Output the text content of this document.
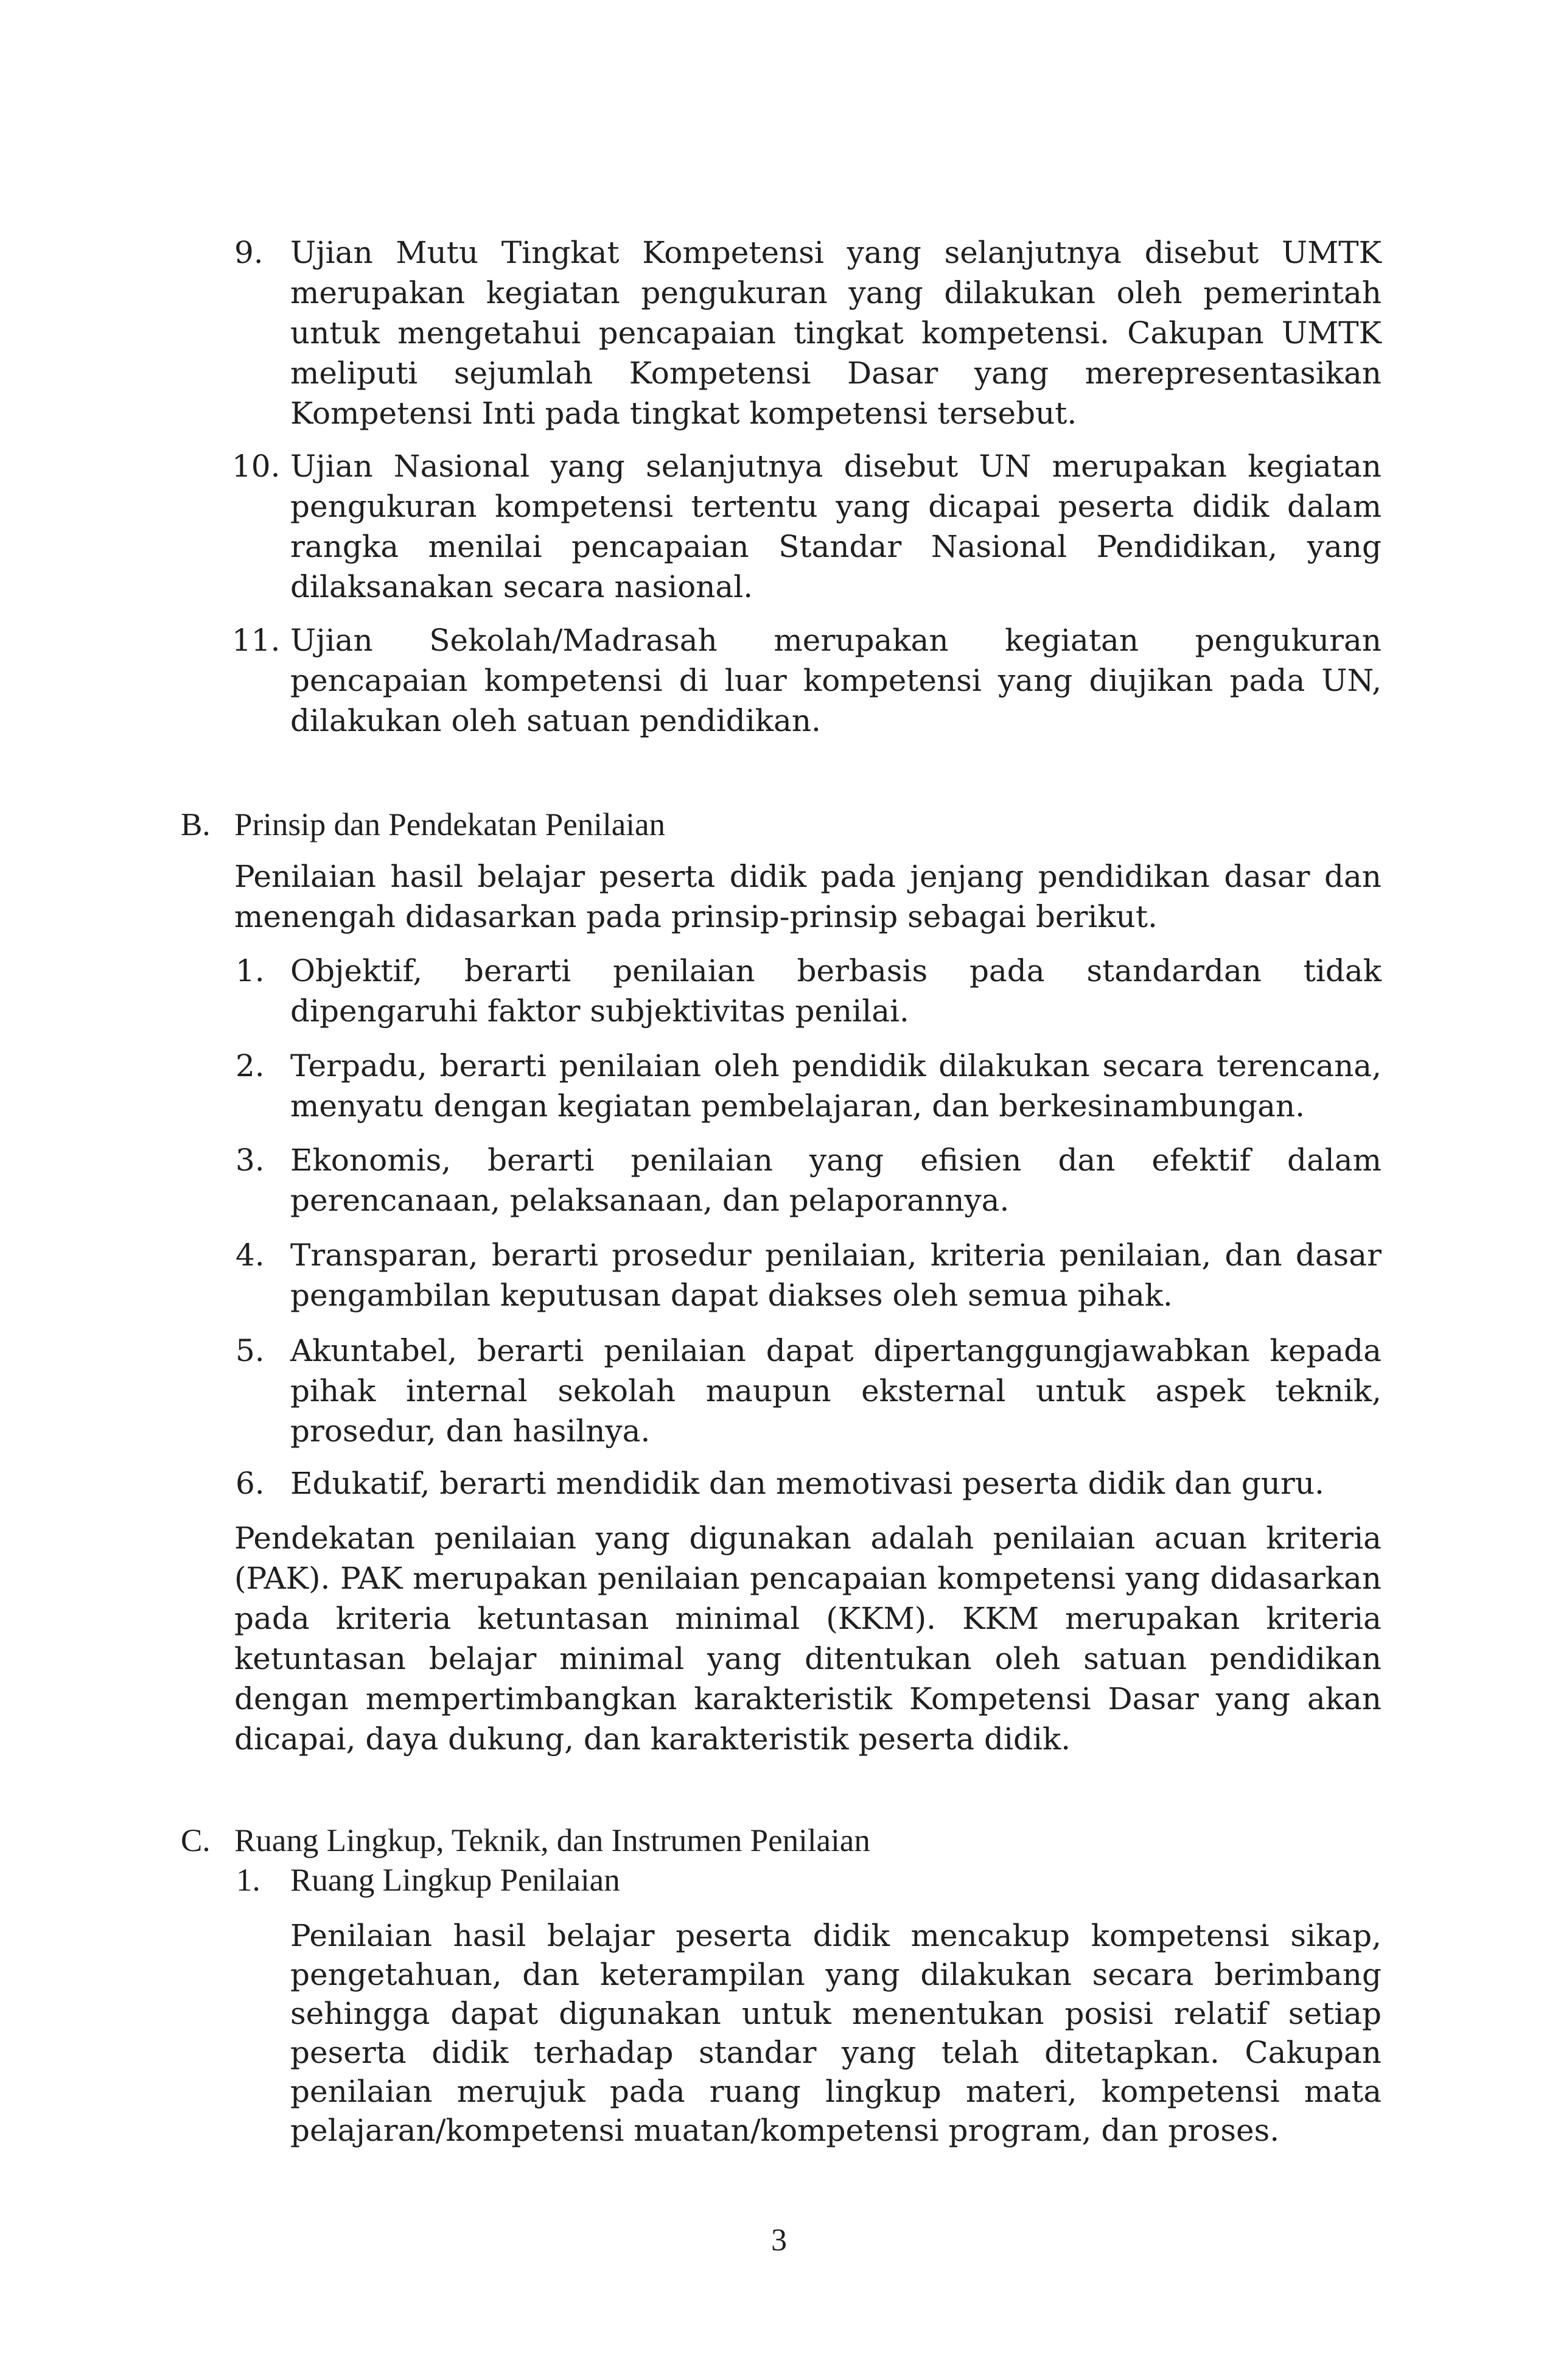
9. Ujian Mutu Tingkat Kompetensi yang selanjutnya disebut UMTK merupakan kegiatan pengukuran yang dilakukan oleh pemerintah untuk mengetahui pencapaian tingkat kompetensi. Cakupan UMTK meliputi sejumlah Kompetensi Dasar yang merepresentasikan Kompetensi Inti pada tingkat kompetensi tersebut.

10. Ujian Nasional yang selanjutnya disebut UN merupakan kegiatan pengukuran kompetensi tertentu yang dicapai peserta didik dalam rangka menilai pencapaian Standar Nasional Pendidikan, yang dilaksanakan secara nasional.

11. Ujian Sekolah/Madrasah merupakan kegiatan pengukuran pencapaian kompetensi di luar kompetensi yang diujikan pada UN, dilakukan oleh satuan pendidikan.

B. Prinsip dan Pendekatan Penilaian

Penilaian hasil belajar peserta didik pada jenjang pendidikan dasar dan menengah didasarkan pada prinsip-prinsip sebagai berikut.

1. Objektif, berarti penilaian berbasis pada standardan tidak dipengaruhi faktor subjektivitas penilai.

2. Terpadu, berarti penilaian oleh pendidik dilakukan secara terencana, menyatu dengan kegiatan pembelajaran, dan berkesinambungan.

3. Ekonomis, berarti penilaian yang efisien dan efektif dalam perencanaan, pelaksanaan, dan pelaporannya.

4. Transparan, berarti prosedur penilaian, kriteria penilaian, dan dasar pengambilan keputusan dapat diakses oleh semua pihak.

5. Akuntabel, berarti penilaian dapat dipertanggungjawabkan kepada pihak internal sekolah maupun eksternal untuk aspek teknik, prosedur, dan hasilnya.

6. Edukatif, berarti mendidik dan memotivasi peserta didik dan guru.

Pendekatan penilaian yang digunakan adalah penilaian acuan kriteria (PAK). PAK merupakan penilaian pencapaian kompetensi yang didasarkan pada kriteria ketuntasan minimal (KKM). KKM merupakan kriteria ketuntasan belajar minimal yang ditentukan oleh satuan pendidikan dengan mempertimbangkan karakteristik Kompetensi Dasar yang akan dicapai, daya dukung, dan karakteristik peserta didik.

C. Ruang Lingkup, Teknik, dan Instrumen Penilaian
1. Ruang Lingkup Penilaian

Penilaian hasil belajar peserta didik mencakup kompetensi sikap, pengetahuan, dan keterampilan yang dilakukan secara berimbang sehingga dapat digunakan untuk menentukan posisi relatif setiap peserta didik terhadap standar yang telah ditetapkan. Cakupan penilaian merujuk pada ruang lingkup materi, kompetensi mata pelajaran/kompetensi muatan/kompetensi program, dan proses.

3
